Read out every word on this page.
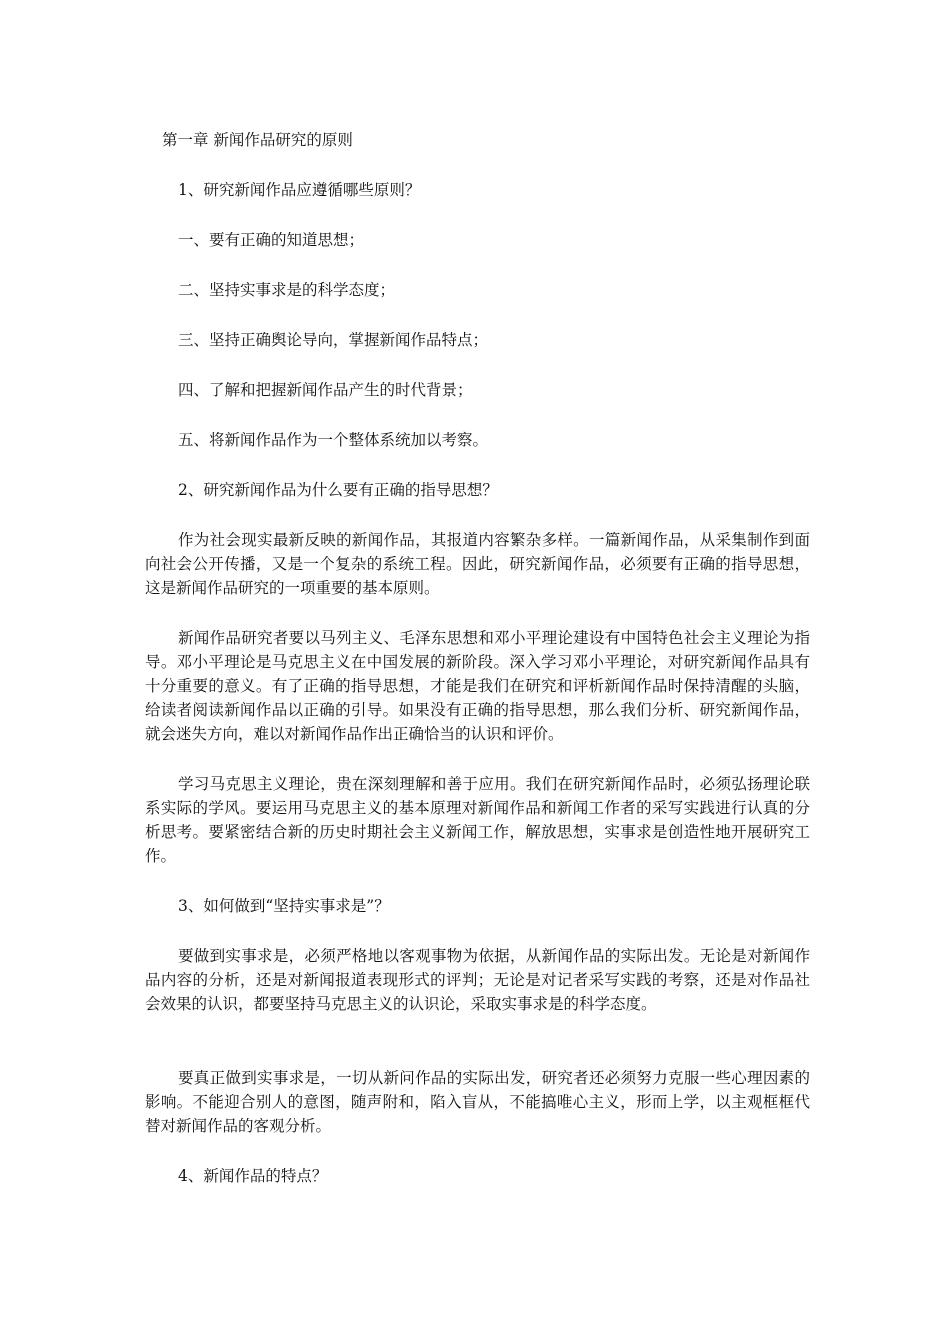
第一章 新闻作品研究的原则
1、研究新闻作品应遵循哪些原则？
一、要有正确的知道思想；
二、坚持实事求是的科学态度；
三、坚持正确舆论导向，掌握新闻作品特点；
四、了解和把握新闻作品产生的时代背景；
五、将新闻作品作为一个整体系统加以考察。
2、研究新闻作品为什么要有正确的指导思想？

作为社会现实最新反映的新闻作品，其报道内容繁杂多样。一篇新闻作品，从采集制作到面向社会公开传播，又是一个复杂的系统工程。因此，研究新闻作品，必须要有正确的指导思想，这是新闻作品研究的一项重要的基本原则。

新闻作品研究者要以马列主义、毛泽东思想和邓小平理论建设有中国特色社会主义理论为指导。邓小平理论是马克思主义在中国发展的新阶段。深入学习邓小平理论，对研究新闻作品具有十分重要的意义。有了正确的指导思想，才能是我们在研究和评析新闻作品时保持清醒的头脑，给读者阅读新闻作品以正确的引导。如果没有正确的指导思想，那么我们分析、研究新闻作品，就会迷失方向，难以对新闻作品作出正确恰当的认识和评价。

学习马克思主义理论，贵在深刻理解和善于应用。我们在研究新闻作品时，必须弘扬理论联系实际的学风。要运用马克思主义的基本原理对新闻作品和新闻工作者的采写实践进行认真的分析思考。要紧密结合新的历史时期社会主义新闻工作，解放思想，实事求是创造性地开展研究工作。

3、如何做到“坚持实事求是”？

要做到实事求是，必须严格地以客观事物为依据，从新闻作品的实际出发。无论是对新闻作品内容的分析，还是对新闻报道表现形式的评判；无论是对记者采写实践的考察，还是对作品社会效果的认识，都要坚持马克思主义的认识论，采取实事求是的科学态度。

要真正做到实事求是，一切从新问作品的实际出发，研究者还必须努力克服一些心理因素的影响。不能迎合别人的意图，随声附和，陷入盲从，不能搞唯心主义，形而上学，以主观框框代替对新闻作品的客观分析。

4、新闻作品的特点？
